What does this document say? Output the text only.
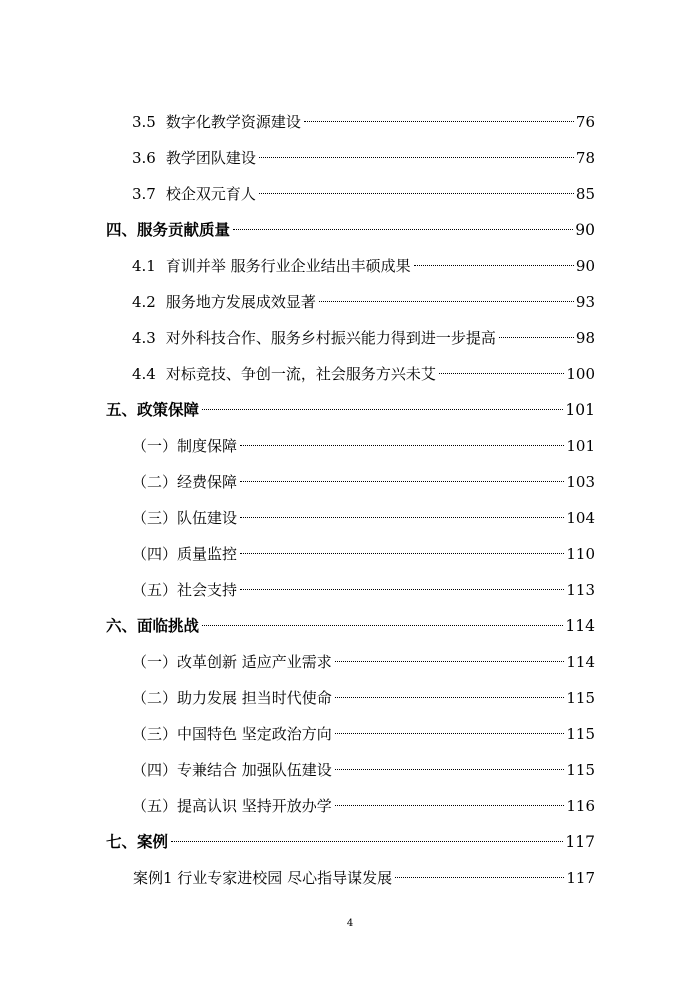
3.5 数字化教学资源建设	76
3.6 教学团队建设	78
3.7 校企双元育人	85
四、服务贡献质量	90
4.1 育训并举 服务行业企业结出丰硕成果	90
4.2 服务地方发展成效显著	93
4.3 对外科技合作、服务乡村振兴能力得到进一步提高	98
4.4 对标竞技、争创一流，社会服务方兴未艾	100
五、政策保障	101
（一）制度保障	101
（二）经费保障	103
（三）队伍建设	104
（四）质量监控	110
（五）社会支持	113
六、面临挑战	114
（一）改革创新 适应产业需求	114
（二）助力发展 担当时代使命	115
（三）中国特色 坚定政治方向	115
（四）专兼结合 加强队伍建设	115
（五）提高认识 坚持开放办学	116
七、案例	117
案例1 行业专家进校园 尽心指导谋发展	117
4
